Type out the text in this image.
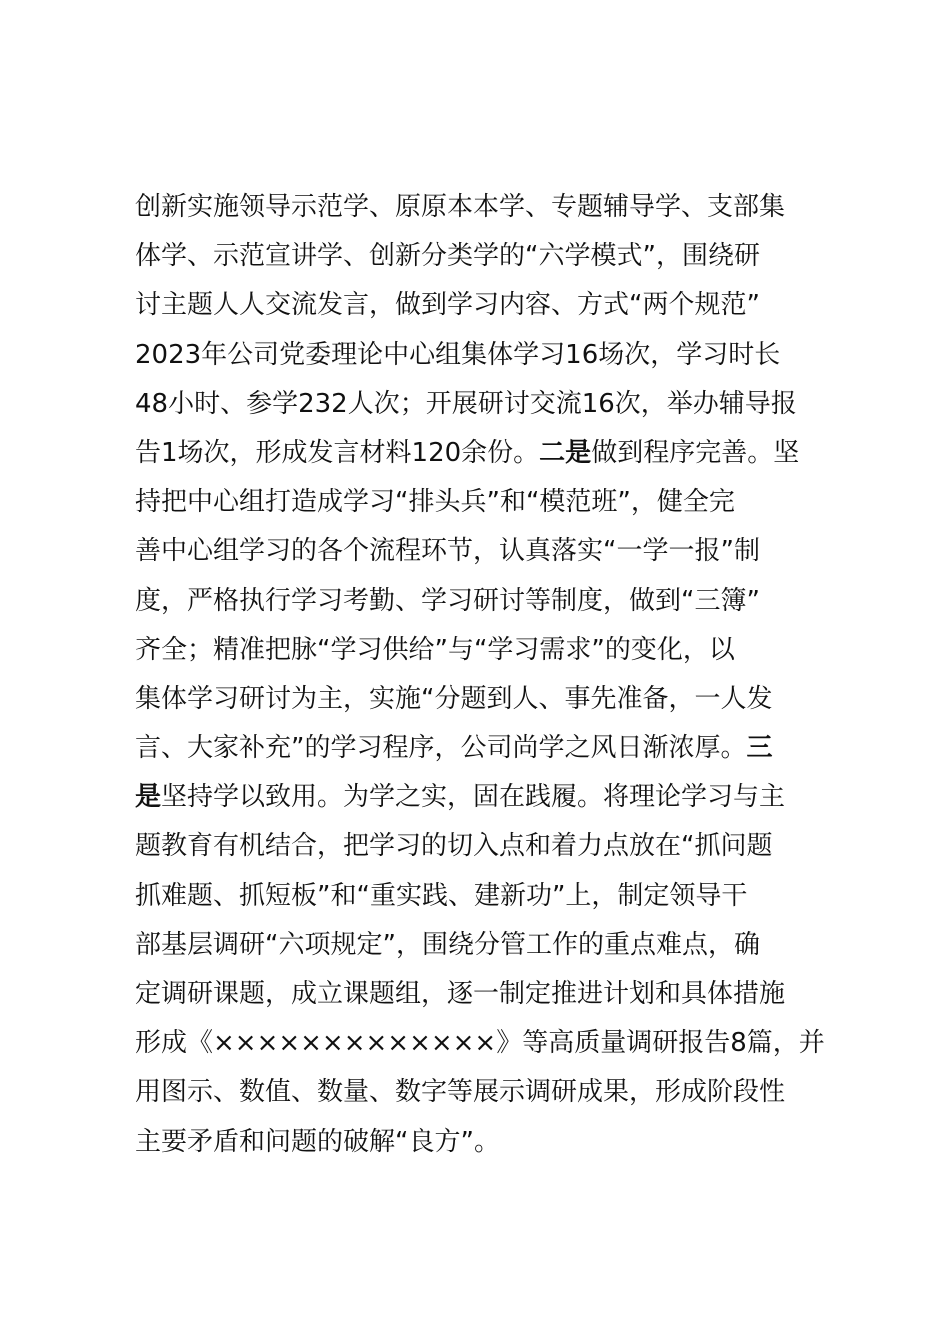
创新实施领导示范学、原原本本学、专题辅导学、支部集
体学、示范宣讲学、创新分类学的“六学模式”，围绕研
讨主题人人交流发言，做到学习内容、方式“两个规范”
2023年公司党委理论中心组集体学习16场次，学习时长
48小时、参学232人次；开展研讨交流16次，举办辅导报
告1场次，形成发言材料120余份。二是做到程序完善。坚
持把中心组打造成学习“排头兵”和“模范班”，健全完
善中心组学习的各个流程环节，认真落实“一学一报”制
度，严格执行学习考勤、学习研讨等制度，做到“三簿”
齐全；精准把脉“学习供给”与“学习需求”的变化，以
集体学习研讨为主，实施“分题到人、事先准备，一人发
言、大家补充”的学习程序，公司尚学之风日渐浓厚。三
是坚持学以致用。为学之实，固在践履。将理论学习与主
题教育有机结合，把学习的切入点和着力点放在“抓问题
抓难题、抓短板”和“重实践、建新功”上，制定领导干
部基层调研“六项规定”，围绕分管工作的重点难点，确
定调研课题，成立课题组，逐一制定推进计划和具体措施
形成《×××××××××××××》等高质量调研报告8篇，并
用图示、数值、数量、数字等展示调研成果，形成阶段性
主要矛盾和问题的破解“良方”。
